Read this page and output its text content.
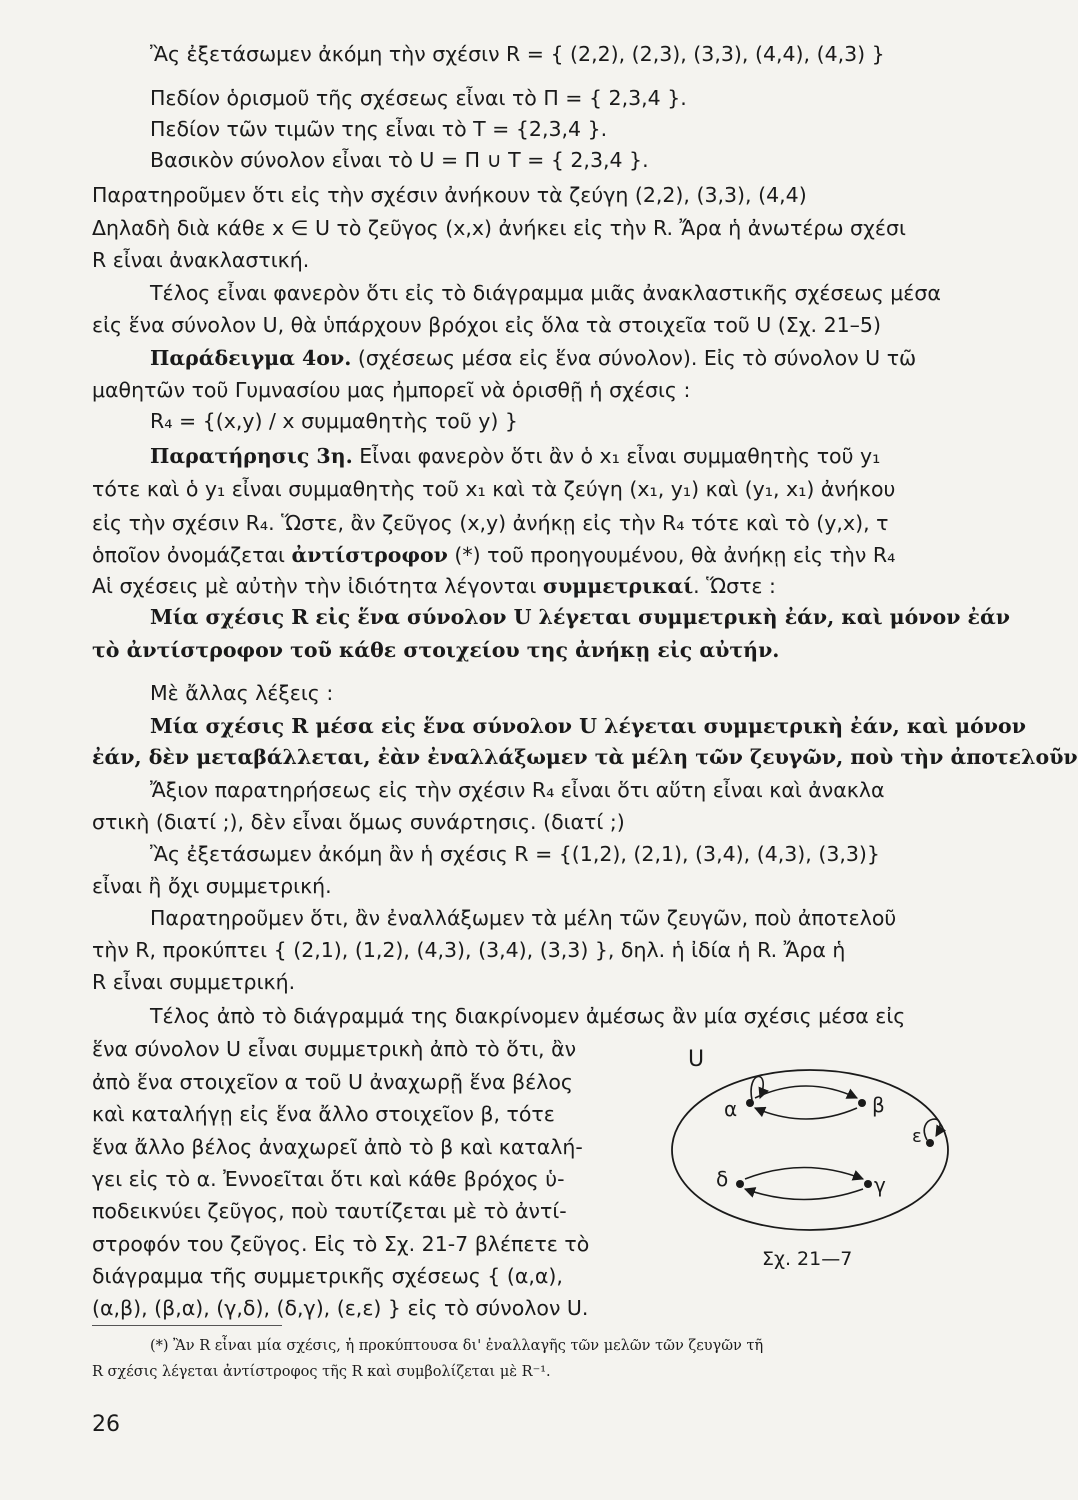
Ἂς ἐξετάσωμεν ἀκόμη τὴν σχέσιν R = { (2,2), (2,3), (3,3), (4,4), (4,3) }
Πεδίον ὁρισμοῦ τῆς σχέσεως εἶναι τὸ Π = { 2,3,4 }.
Πεδίον τῶν τιμῶν της εἶναι τὸ T = {2,3,4 }.
Βασικὸν σύνολον εἶναι τὸ U = Π ∪ T = { 2,3,4 }.
Παρατηροῦμεν ὅτι εἰς τὴν σχέσιν ἀνήκουν τὰ ζεύγη (2,2), (3,3), (4,4)
Δηλαδὴ διὰ κάθε x ∈ U τὸ ζεῦγος (x,x) ἀνήκει εἰς τὴν R. Ἄρα ἡ ἀνωτέρω σχέσι
R εἶναι ἀνακλαστική.
Τέλος εἶναι φανερὸν ὅτι εἰς τὸ διάγραμμα μιᾶς ἀνακλαστικῆς σχέσεως μέσα
εἰς ἕνα σύνολον U, θὰ ὑπάρχουν βρόχοι εἰς ὅλα τὰ στοιχεῖα τοῦ U (Σχ. 21–5)
Παράδειγμα 4ον. (σχέσεως μέσα εἰς ἕνα σύνολον). Εἰς τὸ σύνολον U τῶ
μαθητῶν τοῦ Γυμνασίου μας ἠμπορεῖ νὰ ὁρισθῇ ἡ σχέσις :
R₄ = {(x,y) / x συμμαθητὴς τοῦ y) }
Παρατήρησις 3η. Εἶναι φανερὸν ὅτι ἂν ὁ x₁ εἶναι συμμαθητὴς τοῦ y₁
τότε καὶ ὁ y₁ εἶναι συμμαθητὴς τοῦ x₁ καὶ τὰ ζεύγη (x₁, y₁) καὶ (y₁, x₁) ἀνήκου
εἰς τὴν σχέσιν R₄. Ὥστε, ἂν ζεῦγος (x,y) ἀνήκῃ εἰς τὴν R₄ τότε καὶ τὸ (y,x), τ
ὁποῖον ὀνομάζεται ἀντίστροφον (*) τοῦ προηγουμένου, θὰ ἀνήκῃ εἰς τὴν R₄
Αἱ σχέσεις μὲ αὐτὴν τὴν ἰδιότητα λέγονται συμμετρικαί. Ὥστε :
Μία σχέσις R εἰς ἕνα σύνολον U λέγεται συμμετρικὴ ἐάν, καὶ μόνον ἐάν
τὸ ἀντίστροφον τοῦ κάθε στοιχείου της ἀνήκῃ εἰς αὐτήν.
Μὲ ἄλλας λέξεις :
Μία σχέσις R μέσα εἰς ἕνα σύνολον U λέγεται συμμετρικὴ ἐάν, καὶ μόνον
ἐάν, δὲν μεταβάλλεται, ἐὰν ἐναλλάξωμεν τὰ μέλη τῶν ζευγῶν, ποὺ τὴν ἀποτελοῦν
Ἄξιον παρατηρήσεως εἰς τὴν σχέσιν R₄ εἶναι ὅτι αὕτη εἶναι καὶ ἀνακλα
στικὴ (διατί ;), δὲν εἶναι ὅμως συνάρτησις. (διατί ;)
Ἂς ἐξετάσωμεν ἀκόμη ἂν ἡ σχέσις R = {(1,2), (2,1), (3,4), (4,3), (3,3)}
εἶναι ἢ ὄχι συμμετρική.
Παρατηροῦμεν ὅτι, ἂν ἐναλλάξωμεν τὰ μέλη τῶν ζευγῶν, ποὺ ἀποτελοῦ
τὴν R, προκύπτει { (2,1), (1,2), (4,3), (3,4), (3,3) }, δηλ. ἡ ἰδία ἡ R. Ἄρα ἡ
R εἶναι συμμετρική.
Τέλος ἀπὸ τὸ διάγραμμά της διακρίνομεν ἀμέσως ἂν μία σχέσις μέσα εἰς
ἕνα σύνολον U εἶναι συμμετρικὴ ἀπὸ τὸ ὅτι, ἂν
ἀπὸ ἕνα στοιχεῖον α τοῦ U ἀναχωρῇ ἕνα βέλος
καὶ καταλήγῃ εἰς ἕνα ἄλλο στοιχεῖον β, τότε
ἕνα ἄλλο βέλος ἀναχωρεῖ ἀπὸ τὸ β καὶ καταλή-
γει εἰς τὸ α. Ἐννοεῖται ὅτι καὶ κάθε βρόχος ὑ-
ποδεικνύει ζεῦγος, ποὺ ταυτίζεται μὲ τὸ ἀντί-
στροφόν του ζεῦγος. Εἰς τὸ Σχ. 21-7 βλέπετε τὸ
διάγραμμα τῆς συμμετρικῆς σχέσεως { (α,α),
(α,β), (β,α), (γ,δ), (δ,γ), (ε,ε) } εἰς τὸ σύνολον U.
U
α	β
ε
δ	γ
Σχ. 21—7
(*) Ἂν R εἶναι μία σχέσις, ἡ προκύπτουσα δι' ἐναλλαγῆς τῶν μελῶν τῶν ζευγῶν τῆ
R σχέσις λέγεται ἀντίστροφος τῆς R καὶ συμβολίζεται μὲ R⁻¹.
26
